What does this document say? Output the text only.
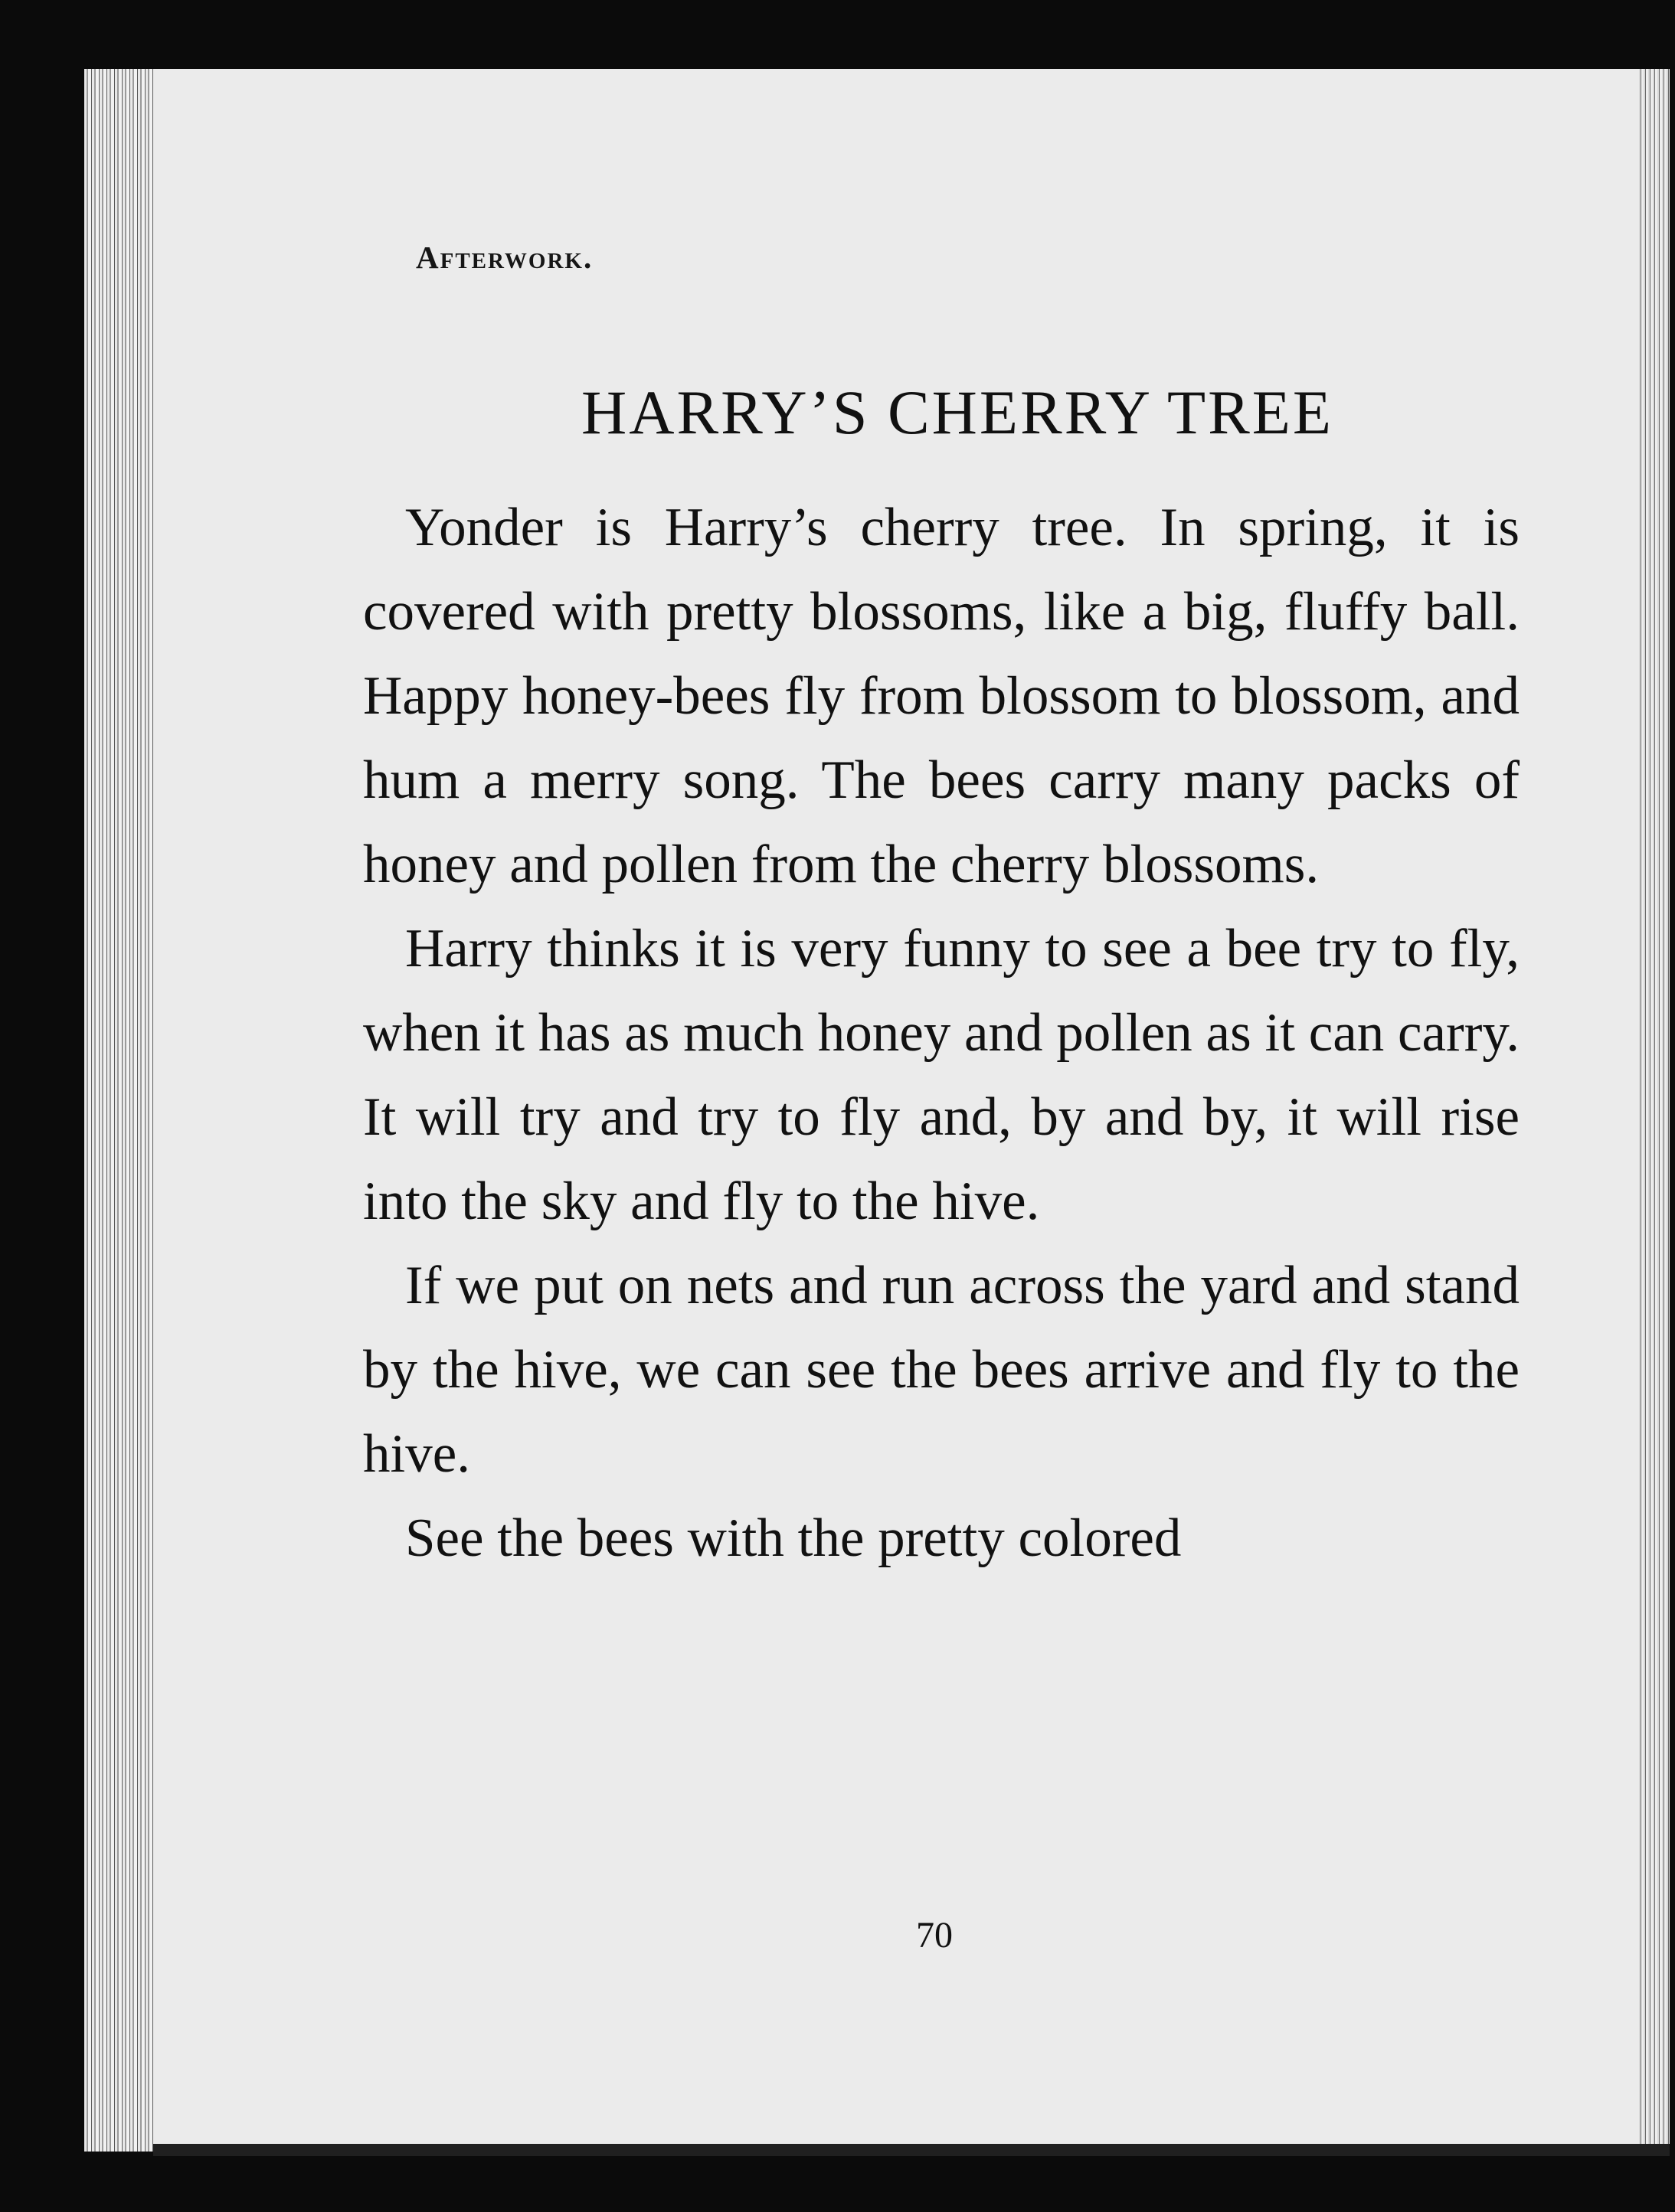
Afterwork.
HARRY’S CHERRY TREE

Yonder is Harry’s cherry tree. In spring, it is covered with pretty blossoms, like a big, fluffy ball. Happy honey-bees fly from blossom to blossom, and hum a merry song. The bees carry many packs of honey and pollen from the cherry blossoms.

Harry thinks it is very funny to see a bee try to fly, when it has as much honey and pollen as it can carry. It will try and try to fly and, by and by, it will rise into the sky and fly to the hive.

If we put on nets and run across the yard and stand by the hive, we can see the bees arrive and fly to the hive.

See the bees with the pretty colored

70
